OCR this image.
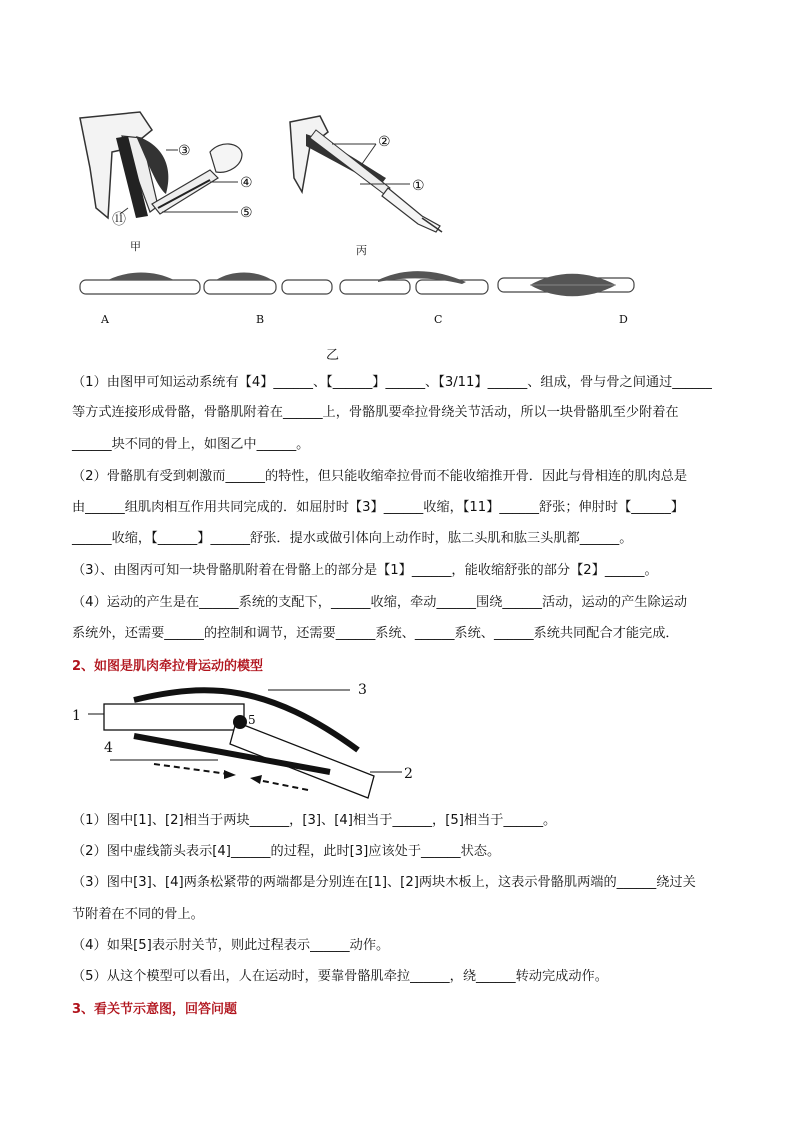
③
④
⑤
⑪
甲
②
①
丙
A	B	C	D
乙
（1）由图甲可知运动系统有【4】______、【______】______、【3/11】______、组成，骨与骨之间通过______
等方式连接形成骨骼，骨骼肌附着在______上，骨骼肌要牵拉骨绕关节活动，所以一块骨骼肌至少附着在
______块不同的骨上，如图乙中______。
（2）骨骼肌有受到刺激而______的特性，但只能收缩牵拉骨而不能收缩推开骨．因此与骨相连的肌肉总是
由______组肌肉相互作用共同完成的．如屈肘时【3】______收缩，【11】______舒张；伸肘时【______】
______收缩，【______】______舒张．提水或做引体向上动作时，肱二头肌和肱三头肌都______。
（3）、由图丙可知一块骨骼肌附着在骨骼上的部分是【1】______，能收缩舒张的部分【2】______。
（4）运动的产生是在______系统的支配下，______收缩，牵动______围绕______活动，运动的产生除运动
系统外，还需要______的控制和调节，还需要______系统、______系统、______系统共同配合才能完成．
2、如图是肌肉牵拉骨运动的模型
1
3
5
4
2
（1）图中[1]、[2]相当于两块______，[3]、[4]相当于______，[5]相当于______。
（2）图中虚线箭头表示[4]______的过程，此时[3]应该处于______状态。
（3）图中[3]、[4]两条松紧带的两端都是分别连在[1]、[2]两块木板上，这表示骨骼肌两端的______绕过关
节附着在不同的骨上。
（4）如果[5]表示肘关节，则此过程表示______动作。
（5）从这个模型可以看出，人在运动时，要靠骨骼肌牵拉______，绕______转动完成动作。
3、看关节示意图，回答问题
